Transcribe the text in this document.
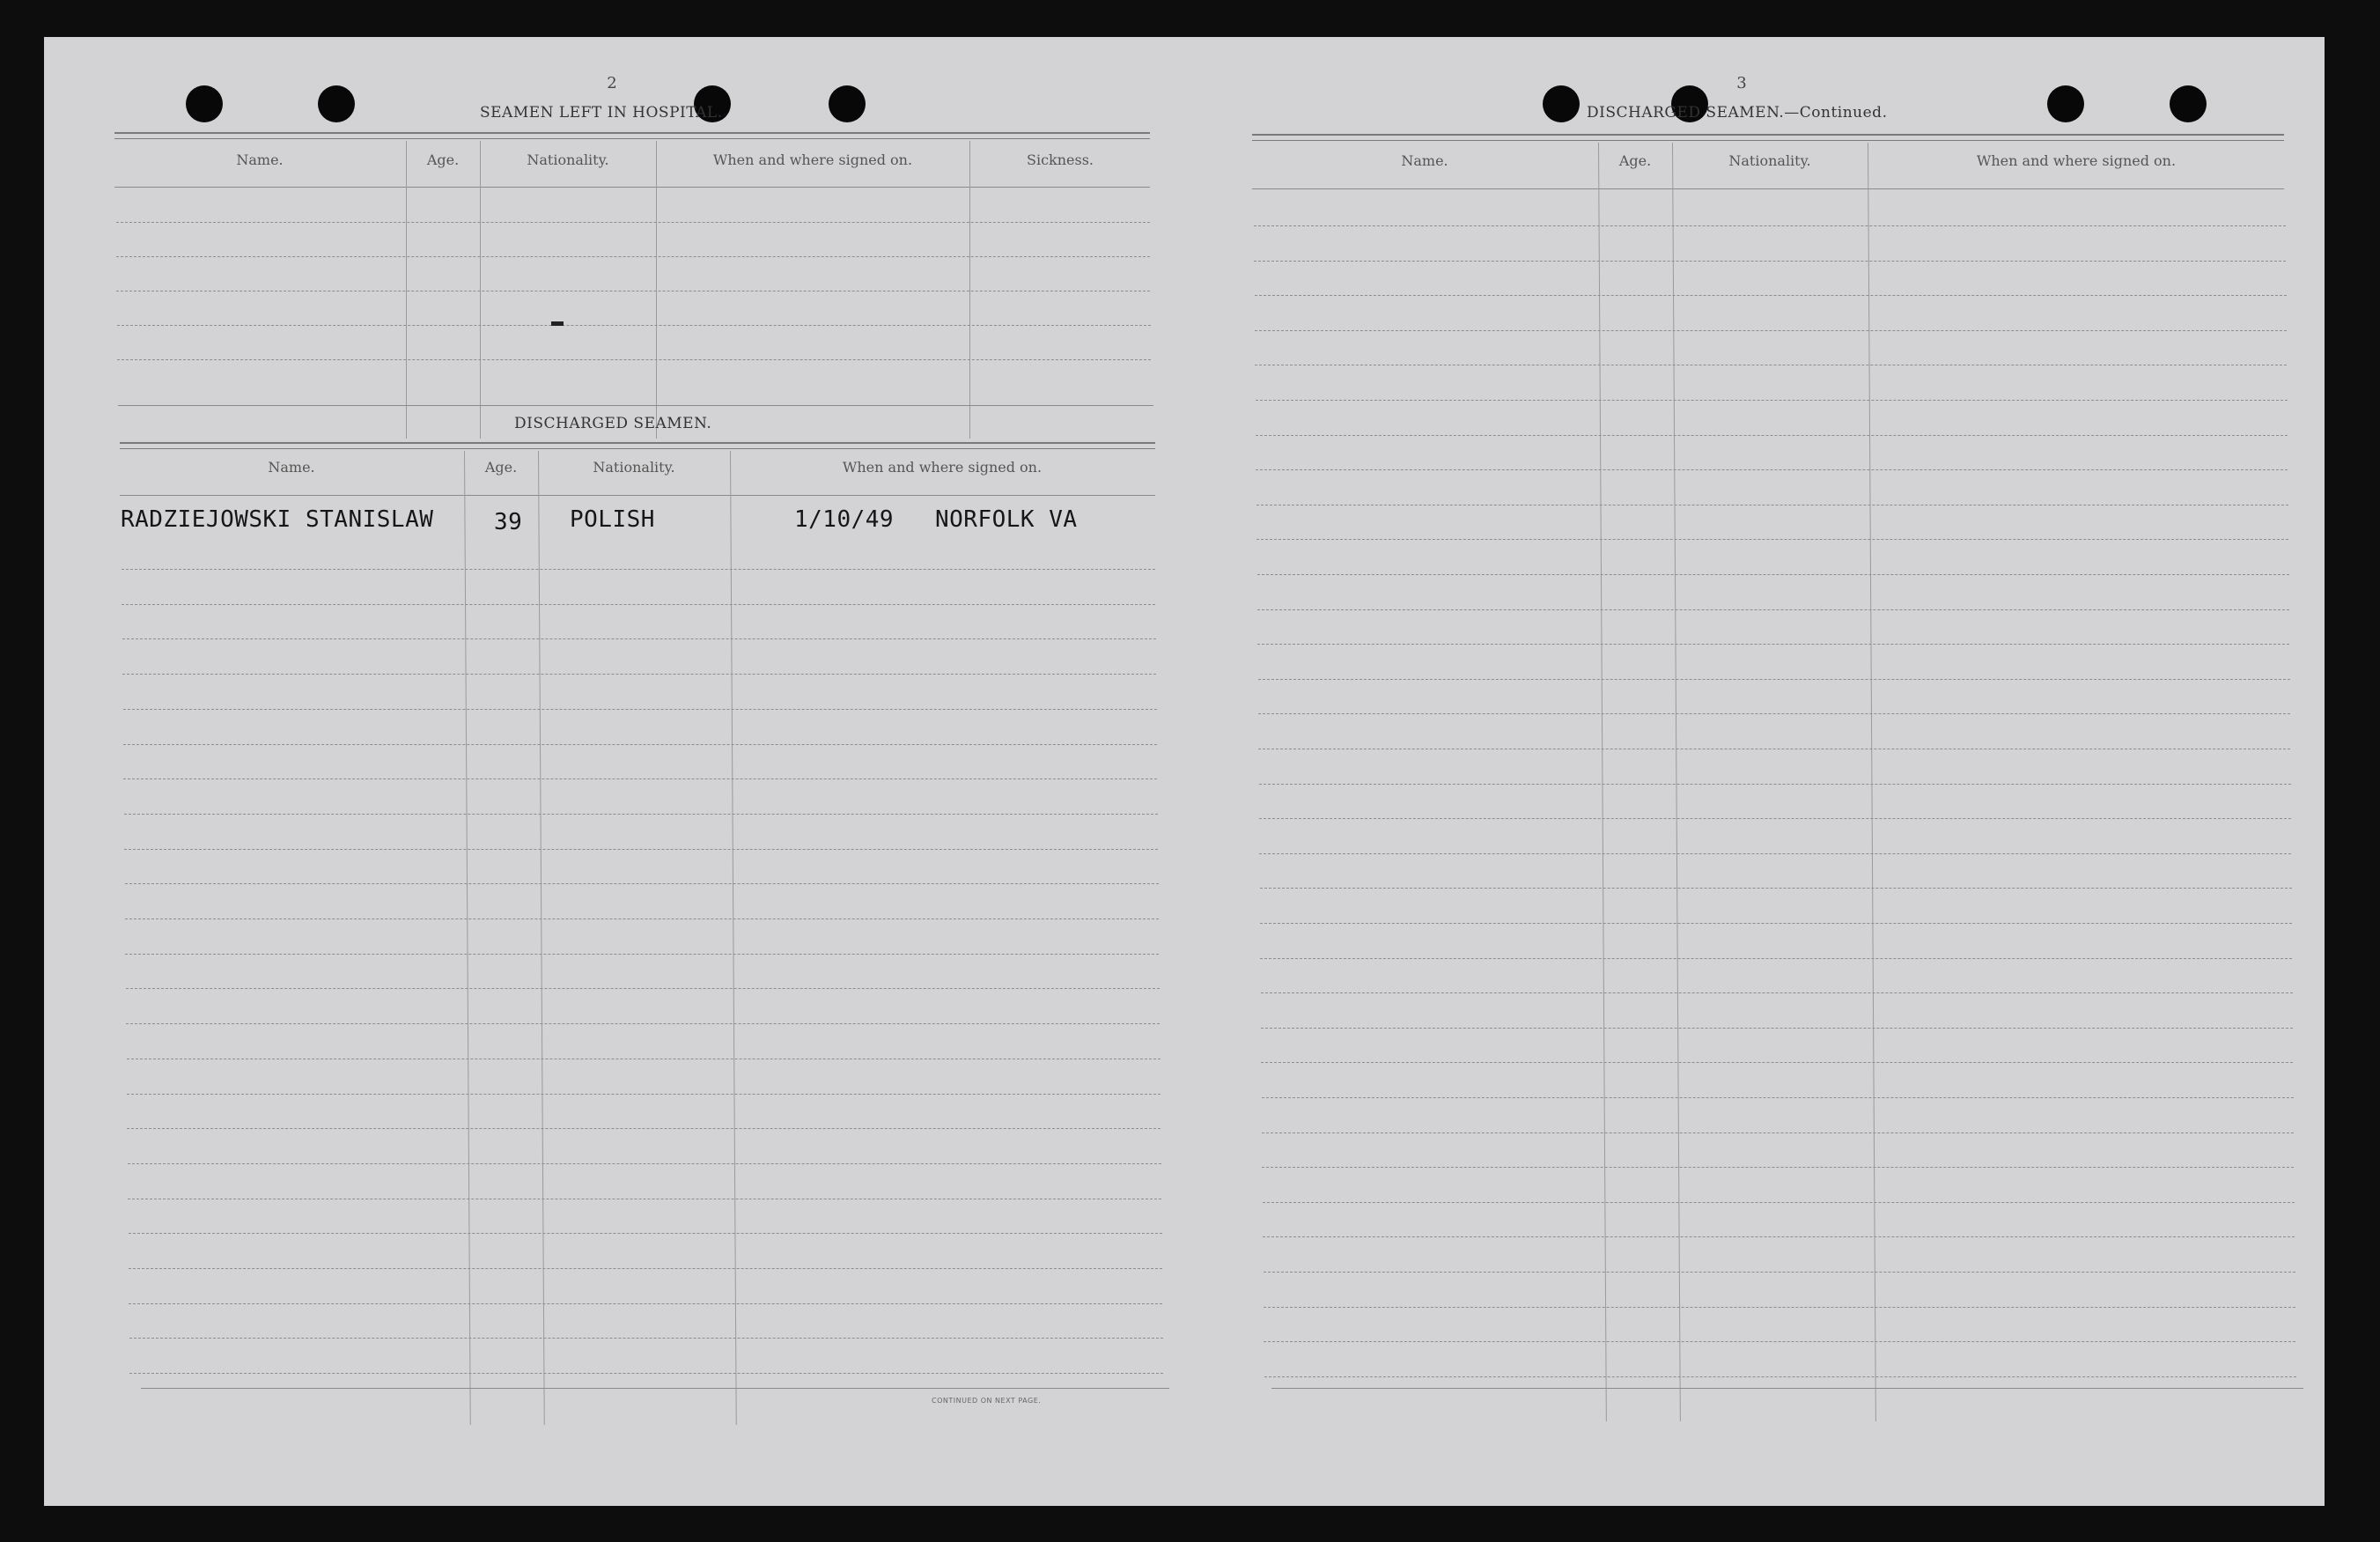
2
SEAMEN LEFT IN HOSPITAL.
Name.	Age.	Nationality.	When and where signed on.	Sickness.
DISCHARGED SEAMEN.
Name.	Age.	Nationality.	When and where signed on.
RADZIEJOWSKI STANISLAW	39 POLISH	1/10/49 NORFOLK VA
CONTINUED ON NEXT PAGE.
3
DISCHARGED SEAMEN.—Continued.
Name.	Age.	Nationality.	When and where signed on.
